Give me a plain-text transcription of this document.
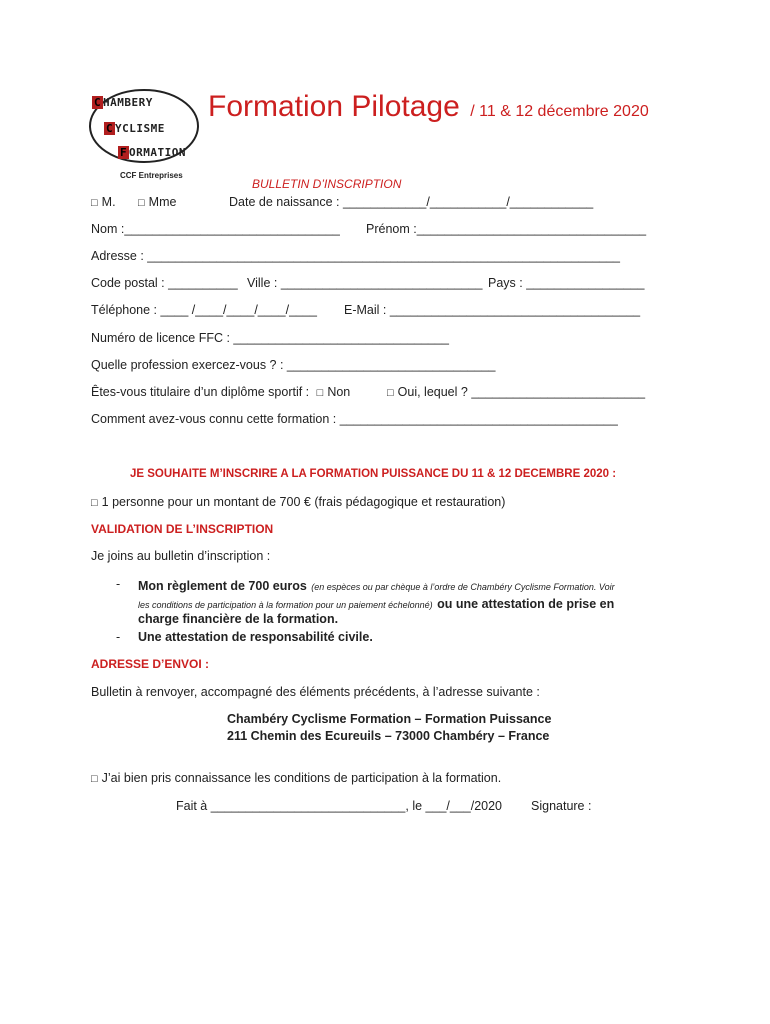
C HAMBERY
C YCLISME
F ORMATION
CCF Entreprises
Formation Pilotage / 11 & 12 décembre 2020
BULLETIN D’INSCRIPTION
□ M. □ Mme	Date de naissance : ____________/___________/____________
Nom :_______________________________ Prénom :_________________________________
Adresse : ____________________________________________________________________
Code postal : __________ Ville : _____________________________ Pays : _________________
Téléphone : ____ /____/____/____/____ E-Mail : ____________________________________
Numéro de licence FFC : _______________________________
Quelle profession exercez-vous ? : ______________________________
Êtes-vous titulaire d’un diplôme sportif : □ Non	□ Oui, lequel ? _________________________
Comment avez-vous connu cette formation : ________________________________________
JE SOUHAITE M’INSCRIRE A LA FORMATION PUISSANCE DU 11 & 12 DECEMBRE 2020 :
□ 1 personne pour un montant de 700 € (frais pédagogique et restauration)
VALIDATION DE L’INSCRIPTION
Je joins au bulletin d’inscription :
- Mon règlement de 700 euros (en espèces ou par chèque à l’ordre de Chambéry Cyclisme Formation. Voir
les conditions de participation à la formation pour un paiement échelonné) ou une attestation de prise en
charge financière de la formation.
- Une attestation de responsabilité civile.
ADRESSE D’ENVOI :
Bulletin à renvoyer, accompagné des éléments précédents, à l’adresse suivante :
Chambéry Cyclisme Formation – Formation Puissance
211 Chemin des Ecureuils – 73000 Chambéry – France
□ J’ai bien pris connaissance les conditions de participation à la formation.
Fait à ____________________________, le ___/___/2020 Signature :
